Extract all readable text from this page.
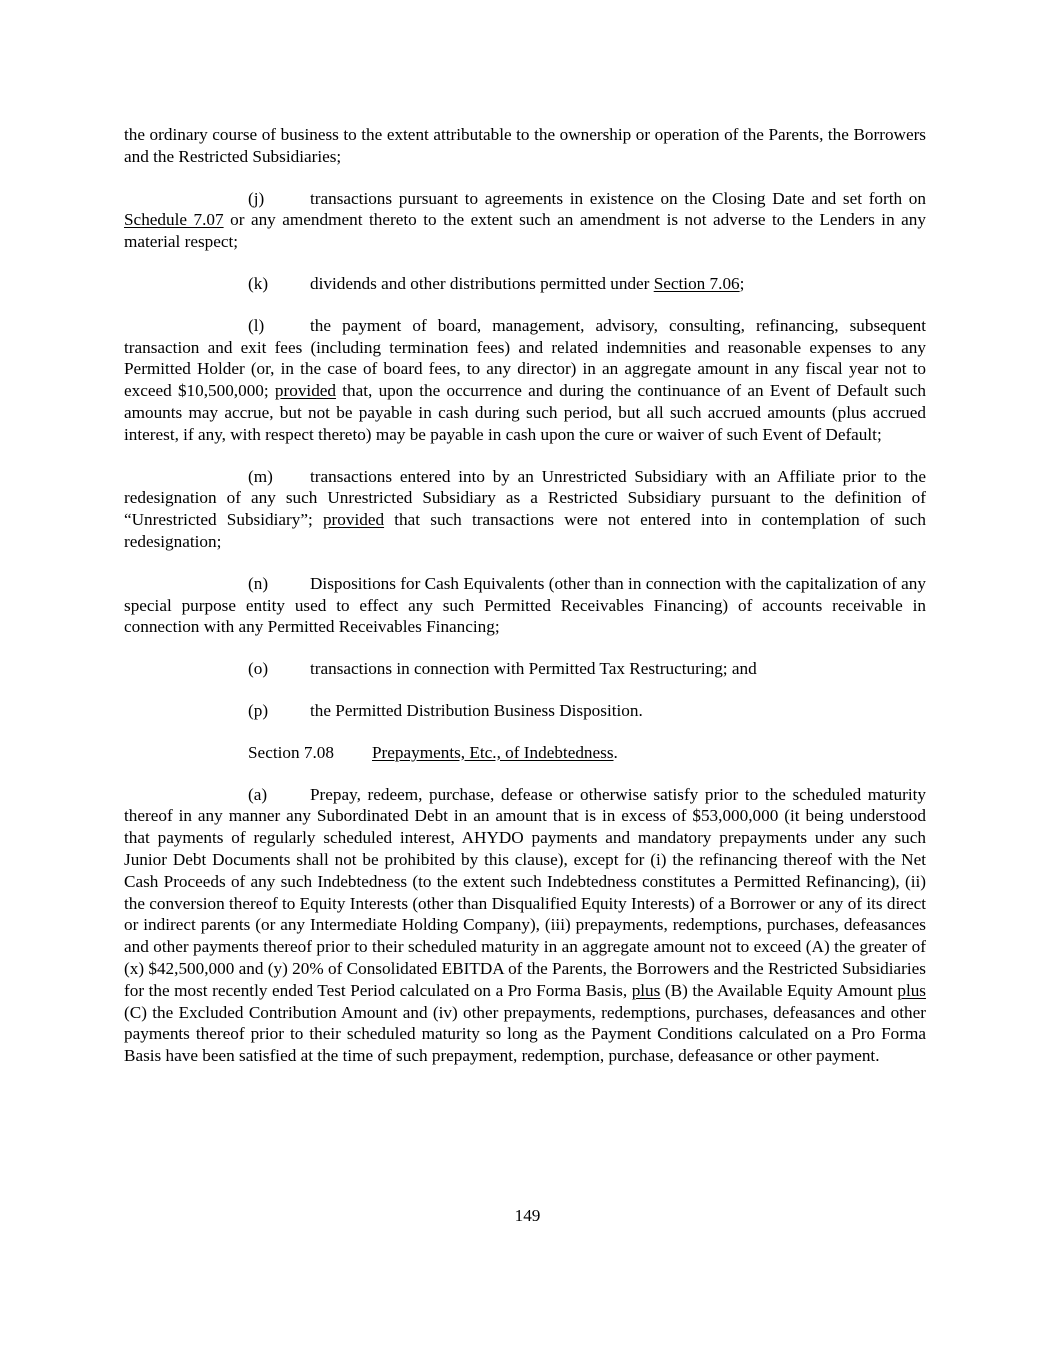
the ordinary course of business to the extent attributable to the ownership or operation of the Parents, the Borrowers and the Restricted Subsidiaries;

(j)	transactions pursuant to agreements in existence on the Closing Date and set forth on Schedule 7.07 or any amendment thereto to the extent such an amendment is not adverse to the Lenders in any material respect;

(k)	dividends and other distributions permitted under Section 7.06;

(l)	the payment of board, management, advisory, consulting, refinancing, subsequent transaction and exit fees (including termination fees) and related indemnities and reasonable expenses to any Permitted Holder (or, in the case of board fees, to any director) in an aggregate amount in any fiscal year not to exceed $10,500,000; provided that, upon the occurrence and during the continuance of an Event of Default such amounts may accrue, but not be payable in cash during such period, but all such accrued amounts (plus accrued interest, if any, with respect thereto) may be payable in cash upon the cure or waiver of such Event of Default;

(m) transactions entered into by an Unrestricted Subsidiary with an Affiliate prior to the redesignation of any such Unrestricted Subsidiary as a Restricted Subsidiary pursuant to the definition of “Unrestricted Subsidiary”; provided that such transactions were not entered into in contemplation of such redesignation;

(n) Dispositions for Cash Equivalents (other than in connection with the capitalization of any special purpose entity used to effect any such Permitted Receivables Financing) of accounts receivable in connection with any Permitted Receivables Financing;

(o)	transactions in connection with Permitted Tax Restructuring; and
(p)	the Permitted Distribution Business Disposition.
Section 7.08	Prepayments, Etc., of Indebtedness.

(a) Prepay, redeem, purchase, defease or otherwise satisfy prior to the scheduled maturity thereof in any manner any Subordinated Debt in an amount that is in excess of $53,000,000 (it being understood that payments of regularly scheduled interest, AHYDO payments and mandatory prepayments under any such Junior Debt Documents shall not be prohibited by this clause), except for (i) the refinancing thereof with the Net Cash Proceeds of any such Indebtedness (to the extent such Indebtedness constitutes a Permitted Refinancing), (ii) the conversion thereof to Equity Interests (other than Disqualified Equity Interests) of a Borrower or any of its direct or indirect parents (or any Intermediate Holding Company), (iii) prepayments, redemptions, purchases, defeasances and other payments thereof prior to their scheduled maturity in an aggregate amount not to exceed (A) the greater of (x) $42,500,000 and (y) 20% of Consolidated EBITDA of the Parents, the Borrowers and the Restricted Subsidiaries for the most recently ended Test Period calculated on a Pro Forma Basis, plus (B) the Available Equity Amount plus (C) the Excluded Contribution Amount and (iv) other prepayments, redemptions, purchases, defeasances and other payments thereof prior to their scheduled maturity so long as the Payment Conditions calculated on a Pro Forma Basis have been satisfied at the time of such prepayment, redemption, purchase, defeasance or other payment.

149
